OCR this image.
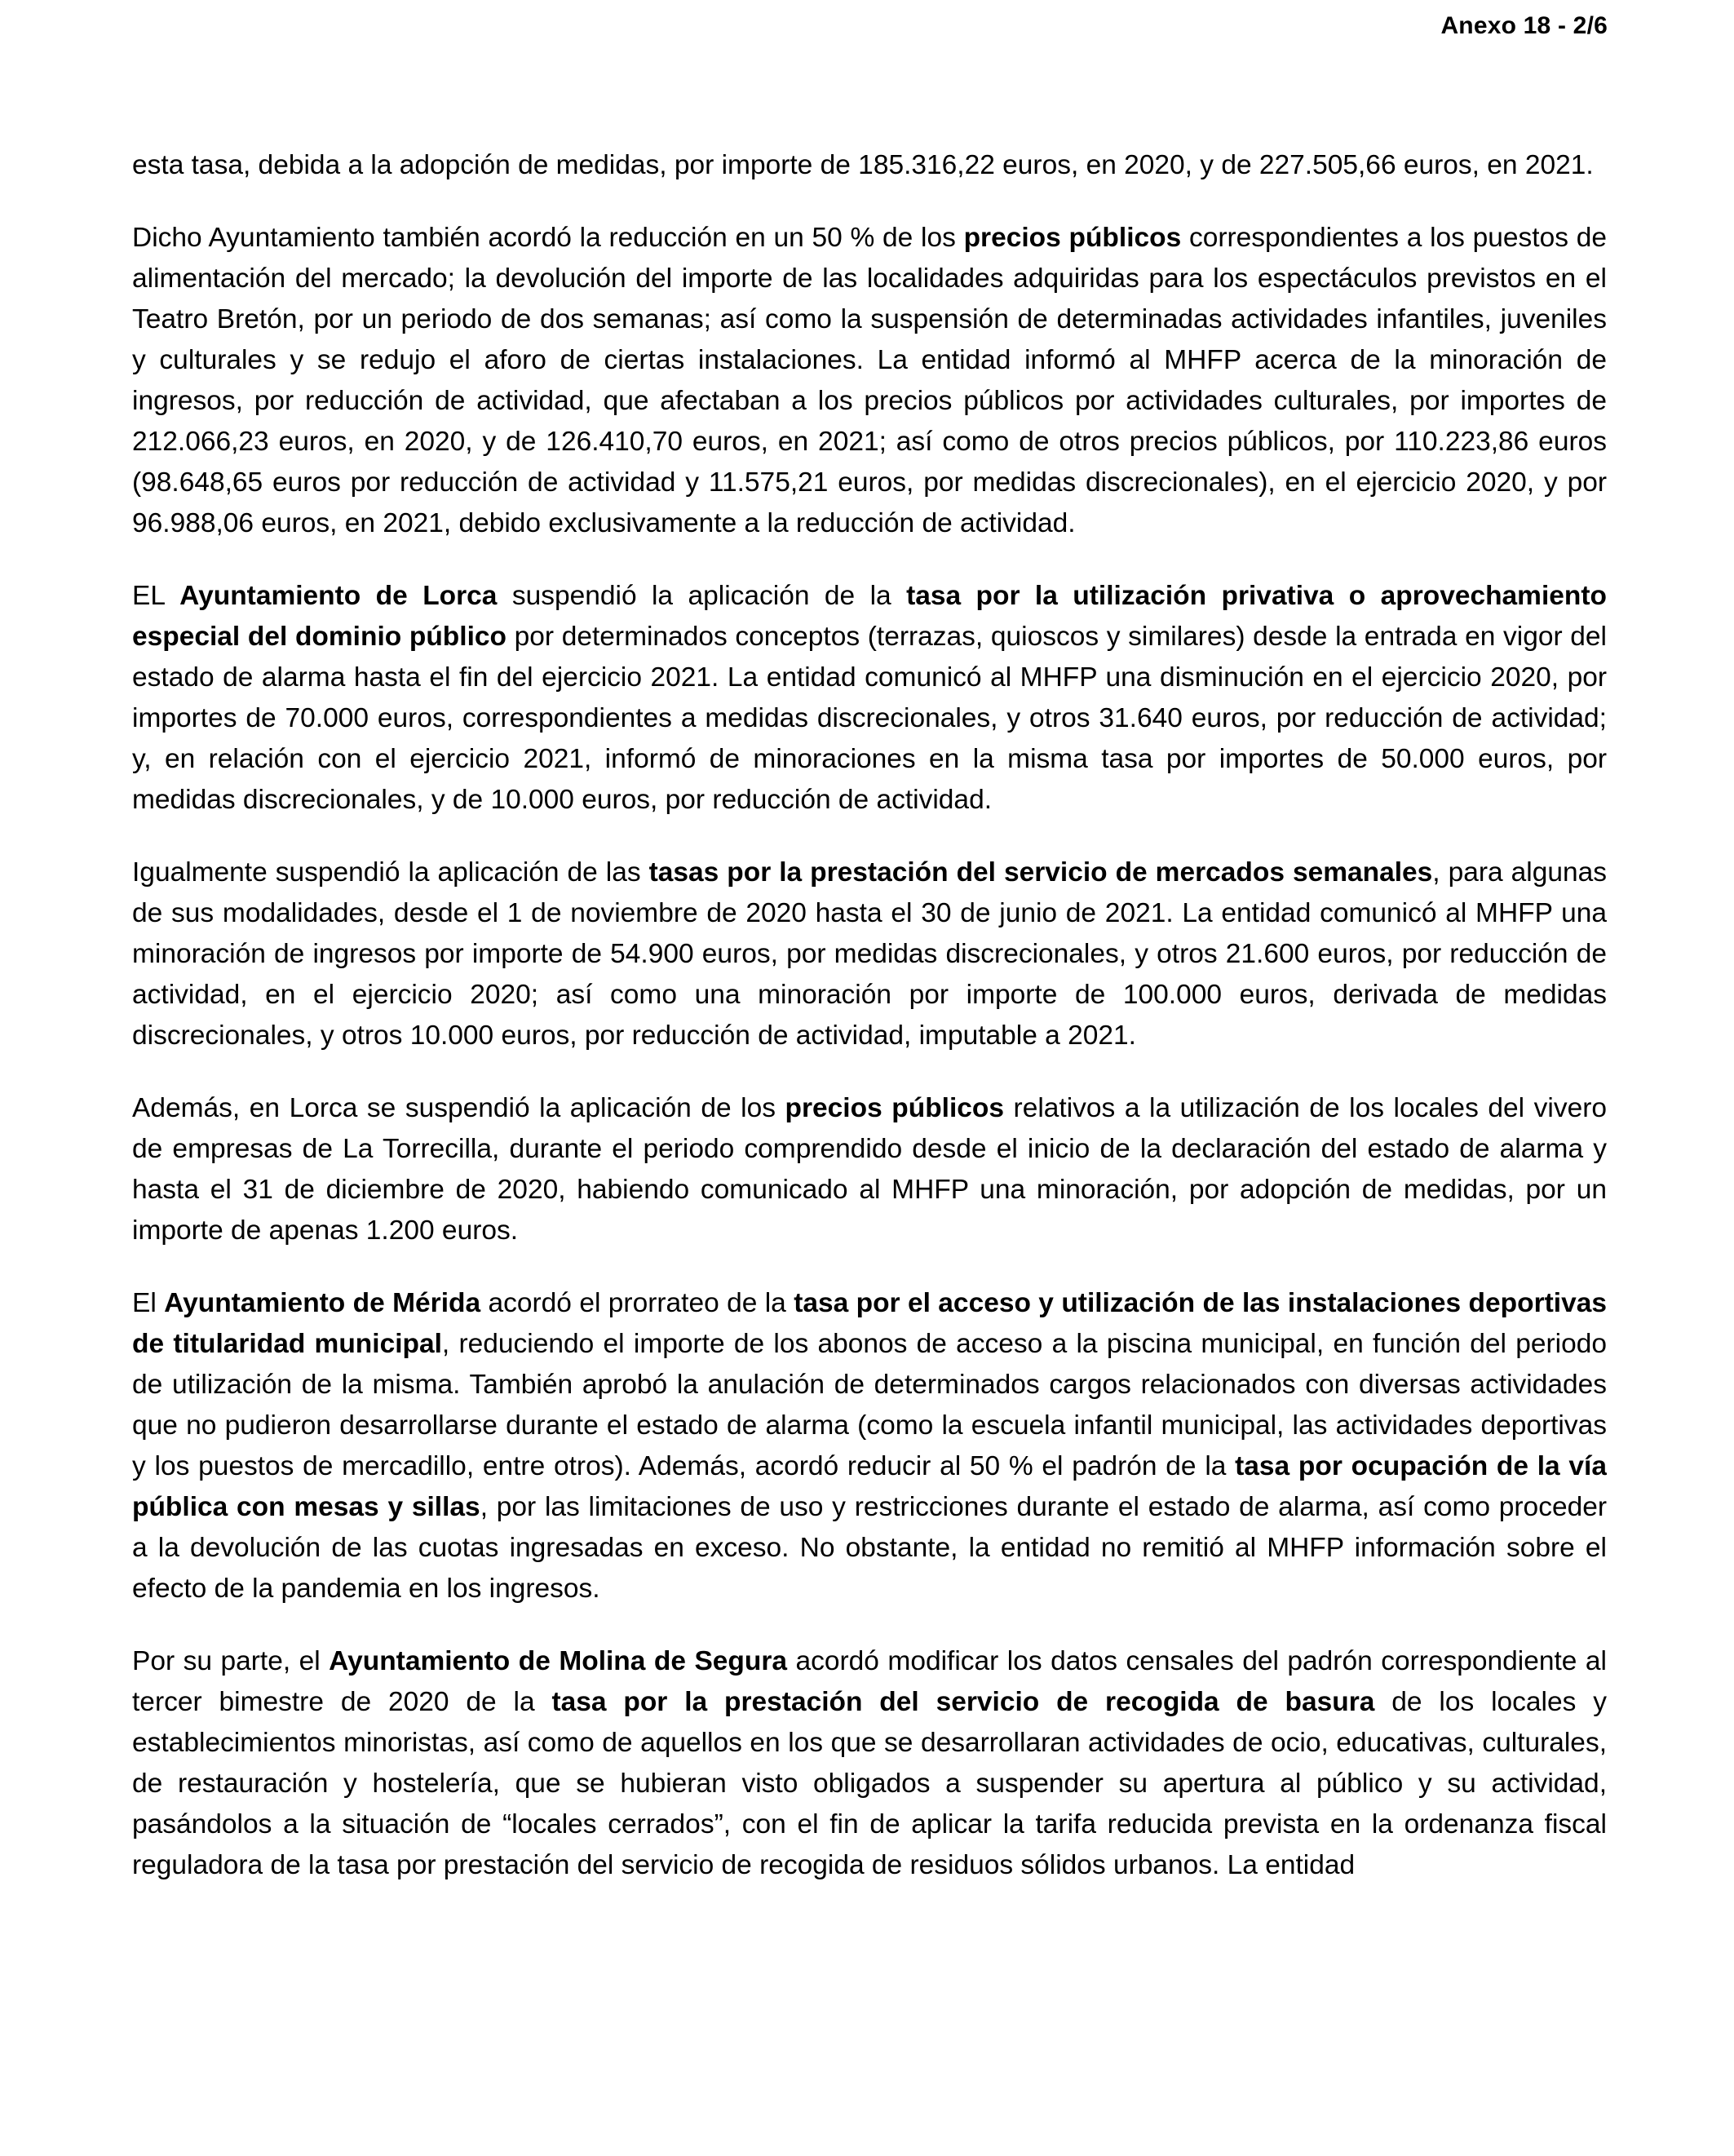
Anexo 18 - 2/6

esta tasa, debida a la adopción de medidas, por importe de 185.316,22 euros, en 2020, y de 227.505,66 euros, en 2021.

Dicho Ayuntamiento también acordó la reducción en un 50 % de los precios públicos correspondientes a los puestos de alimentación del mercado; la devolución del importe de las localidades adquiridas para los espectáculos previstos en el Teatro Bretón, por un periodo de dos semanas; así como la suspensión de determinadas actividades infantiles, juveniles y culturales y se redujo el aforo de ciertas instalaciones. La entidad informó al MHFP acerca de la minoración de ingresos, por reducción de actividad, que afectaban a los precios públicos por actividades culturales, por importes de 212.066,23 euros, en 2020, y de 126.410,70 euros, en 2021; así como de otros precios públicos, por 110.223,86 euros (98.648,65 euros por reducción de actividad y 11.575,21 euros, por medidas discrecionales), en el ejercicio 2020, y por 96.988,06 euros, en 2021, debido exclusivamente a la reducción de actividad.

EL Ayuntamiento de Lorca suspendió la aplicación de la tasa por la utilización privativa o aprovechamiento especial del dominio público por determinados conceptos (terrazas, quioscos y similares) desde la entrada en vigor del estado de alarma hasta el fin del ejercicio 2021. La entidad comunicó al MHFP una disminución en el ejercicio 2020, por importes de 70.000 euros, correspondientes a medidas discrecionales, y otros 31.640 euros, por reducción de actividad; y, en relación con el ejercicio 2021, informó de minoraciones en la misma tasa por importes de 50.000 euros, por medidas discrecionales, y de 10.000 euros, por reducción de actividad.

Igualmente suspendió la aplicación de las tasas por la prestación del servicio de mercados semanales, para algunas de sus modalidades, desde el 1 de noviembre de 2020 hasta el 30 de junio de 2021. La entidad comunicó al MHFP una minoración de ingresos por importe de 54.900 euros, por medidas discrecionales, y otros 21.600 euros, por reducción de actividad, en el ejercicio 2020; así como una minoración por importe de 100.000 euros, derivada de medidas discrecionales, y otros 10.000 euros, por reducción de actividad, imputable a 2021.

Además, en Lorca se suspendió la aplicación de los precios públicos relativos a la utilización de los locales del vivero de empresas de La Torrecilla, durante el periodo comprendido desde el inicio de la declaración del estado de alarma y hasta el 31 de diciembre de 2020, habiendo comunicado al MHFP una minoración, por adopción de medidas, por un importe de apenas 1.200 euros.

El Ayuntamiento de Mérida acordó el prorrateo de la tasa por el acceso y utilización de las instalaciones deportivas de titularidad municipal, reduciendo el importe de los abonos de acceso a la piscina municipal, en función del periodo de utilización de la misma. También aprobó la anulación de determinados cargos relacionados con diversas actividades que no pudieron desarrollarse durante el estado de alarma (como la escuela infantil municipal, las actividades deportivas y los puestos de mercadillo, entre otros). Además, acordó reducir al 50 % el padrón de la tasa por ocupación de la vía pública con mesas y sillas, por las limitaciones de uso y restricciones durante el estado de alarma, así como proceder a la devolución de las cuotas ingresadas en exceso. No obstante, la entidad no remitió al MHFP información sobre el efecto de la pandemia en los ingresos.

Por su parte, el Ayuntamiento de Molina de Segura acordó modificar los datos censales del padrón correspondiente al tercer bimestre de 2020 de la tasa por la prestación del servicio de recogida de basura de los locales y establecimientos minoristas, así como de aquellos en los que se desarrollaran actividades de ocio, educativas, culturales, de restauración y hostelería, que se hubieran visto obligados a suspender su apertura al público y su actividad, pasándolos a la situación de “locales cerrados”, con el fin de aplicar la tarifa reducida prevista en la ordenanza fiscal reguladora de la tasa por prestación del servicio de recogida de residuos sólidos urbanos. La entidad
